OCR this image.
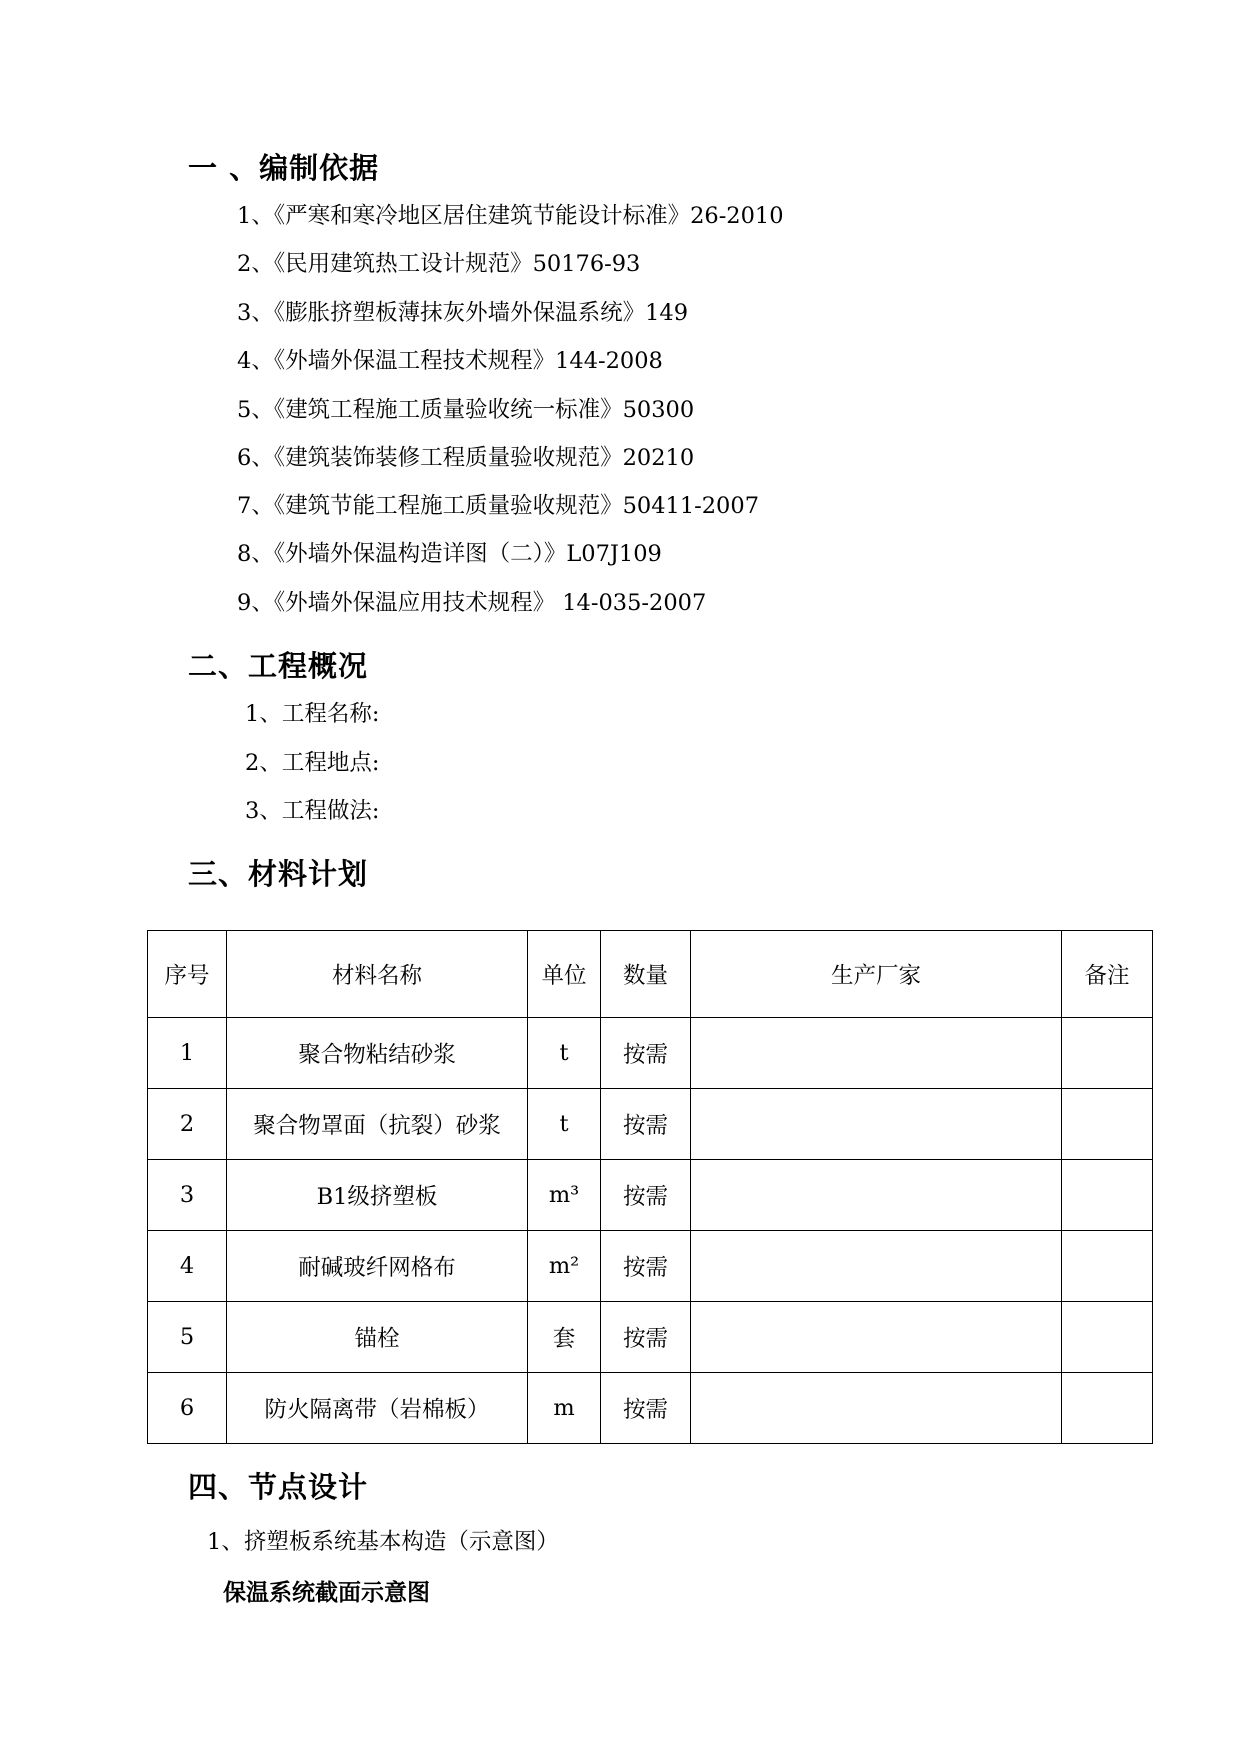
一 、编制依据
1、《严寒和寒冷地区居住建筑节能设计标准》26-2010
2、《民用建筑热工设计规范》50176-93
3、《膨胀挤塑板薄抹灰外墙外保温系统》149
4、《外墙外保温工程技术规程》144-2008
5、《建筑工程施工质量验收统一标准》50300
6、《建筑装饰装修工程质量验收规范》20210
7、《建筑节能工程施工质量验收规范》50411-2007
8、《外墙外保温构造详图（二）》L07J109
9、《外墙外保温应用技术规程》 14-035-2007
二、工程概况
1、工程名称:
2、工程地点:
3、工程做法:
三、材料计划
序号	材料名称	单位	数量	生产厂家	备注
1	聚合物粘结砂浆	t	按需		
2	聚合物罩面（抗裂）砂浆	t	按需		
3	B1级挤塑板	m³	按需		
4	耐碱玻纤网格布	m²	按需		
5	锚栓	套	按需		
6	防火隔离带（岩棉板）	m	按需		
四、节点设计
1、挤塑板系统基本构造（示意图）
保温系统截面示意图
